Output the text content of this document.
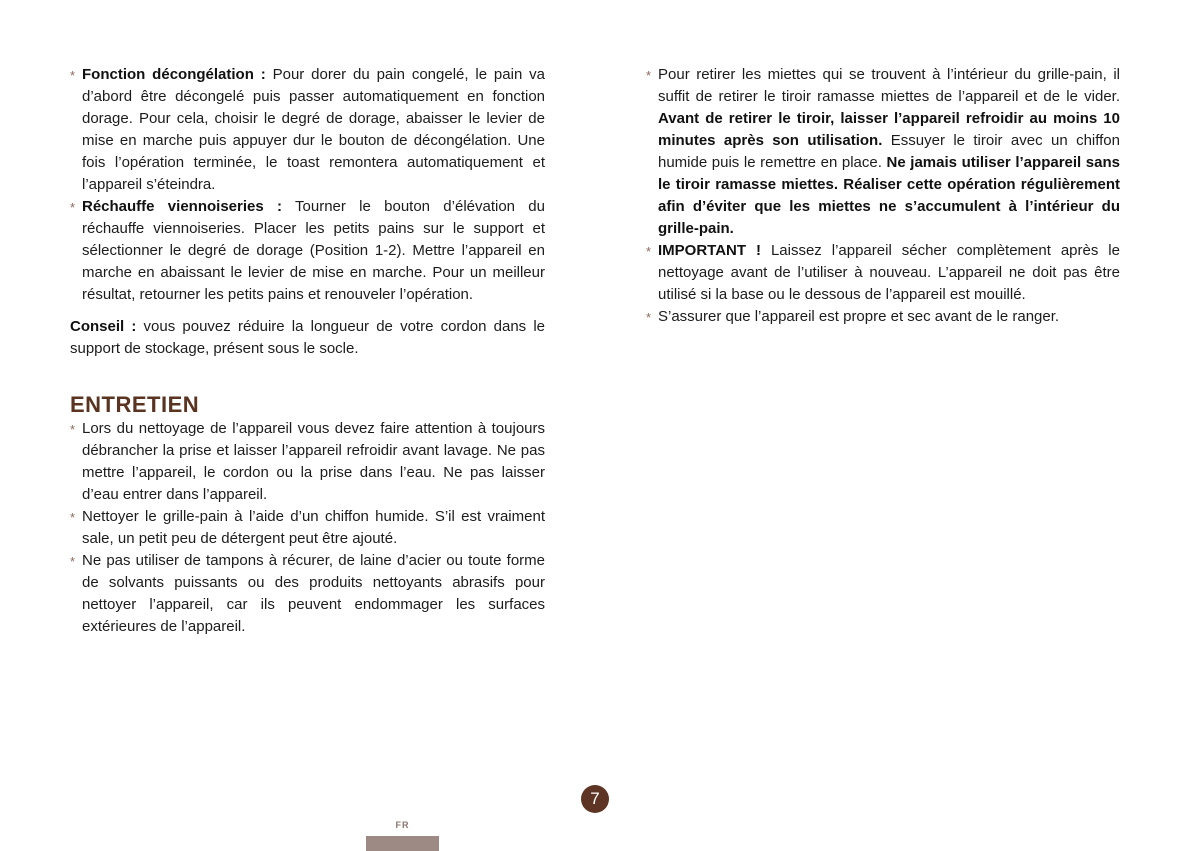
* Fonction décongélation : Pour dorer du pain congelé, le pain va d’abord être décongelé puis passer automatiquement en fonction dorage. Pour cela, choisir le degré de dorage, abaisser le levier de mise en marche puis appuyer dur le bouton de décongélation. Une fois l’opération terminée, le toast remontera automatiquement et l’appareil s’éteindra.
* Réchauffe viennoiseries : Tourner le bouton d’élévation du réchauffe viennoiseries. Placer les petits pains sur le support et sélectionner le degré de dorage (Position 1-2). Mettre l’appareil en marche en abaissant le levier de mise en marche. Pour un meilleur résultat, retourner les petits pains et renouveler l’opération.

Conseil : vous pouvez réduire la longueur de votre cordon dans le support de stockage, présent sous le socle.

ENTRETIEN
* Lors du nettoyage de l’appareil vous devez faire attention à toujours débrancher la prise et laisser l’appareil refroidir avant lavage. Ne pas mettre l’appareil, le cordon ou la prise dans l’eau. Ne pas laisser d’eau entrer dans l’appareil.
* Nettoyer le grille-pain à l’aide d’un chiffon humide. S’il est vraiment sale, un petit peu de détergent peut être ajouté.
* Ne pas utiliser de tampons à récurer, de laine d’acier ou toute forme de solvants puissants ou des produits nettoyants abrasifs pour nettoyer l’appareil, car ils peuvent endommager les surfaces extérieures de l’appareil.
* Pour retirer les miettes qui se trouvent à l’intérieur du grille-pain, il suffit de retirer le tiroir ramasse miettes de l’appareil et de le vider. Avant de retirer le tiroir, laisser l’appareil refroidir au moins 10 minutes après son utilisation. Essuyer le tiroir avec un chiffon humide puis le remettre en place. Ne jamais utiliser l’appareil sans le tiroir ramasse miettes. Réaliser cette opération régulièrement afin d’éviter que les miettes ne s’accumulent à l’intérieur du grille-pain.
* IMPORTANT ! Laissez l’appareil sécher complètement après le nettoyage avant de l’utiliser à nouveau. L’appareil ne doit pas être utilisé si la base ou le dessous de l’appareil est mouillé.
* S’assurer que l’appareil est propre et sec avant de le ranger.
7
FR
